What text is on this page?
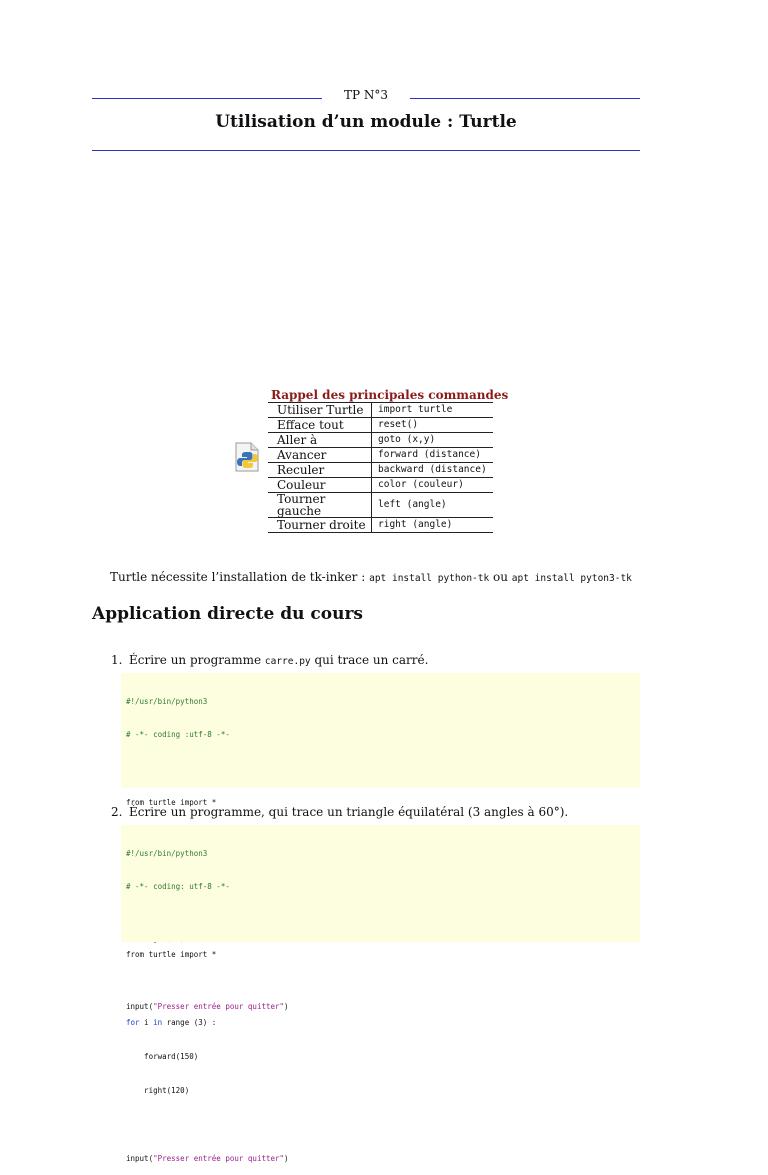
TP N°3
Utilisation d’un module : Turtle
Rappel des principales commandes
Utiliser Turtle	import turtle
Efface tout	reset()
Aller à	goto (x,y)
Avancer	forward (distance)
Reculer	backward (distance)
Couleur	color (couleur)
Tourner gauche	left (angle)
Tourner droite	right (angle)
Turtle nécessite l’installation de tk-inker : apt install python-tk ou apt install pyton3-tk
Application directe du cours
1. Écrire un programme carre.py qui trace un carré.

#!/usr/bin/python3

# -*- coding :utf-8 -*-

from turtle import *

input("Presser entrée pour quitter")

2. Écrire un programme, qui trace un triangle équilatéral (3 angles à 60°).

#!/usr/bin/python3

# -*- coding: utf-8 -*-

from turtle import *

for i in range (3) :

forward(150)

right(120)

input("Presser entrée pour quitter")
